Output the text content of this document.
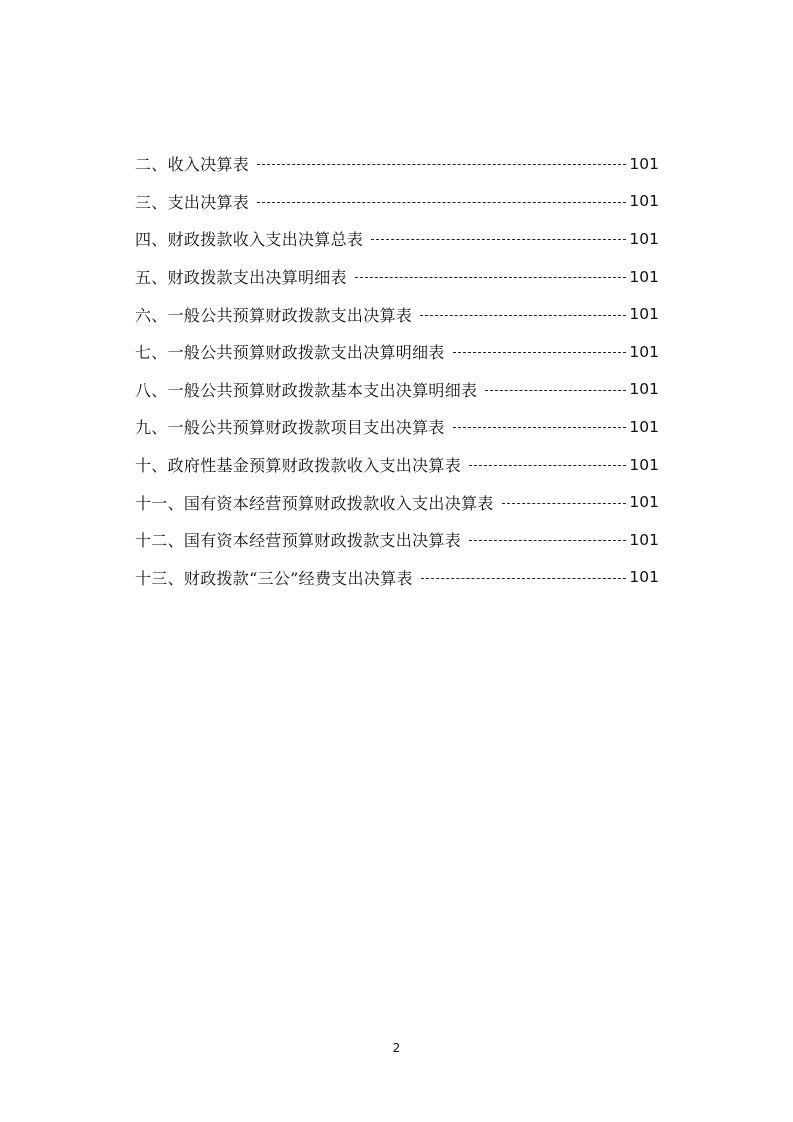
二、收入决算表	101
三、支出决算表	101
四、财政拨款收入支出决算总表	101
五、财政拨款支出决算明细表	101
六、一般公共预算财政拨款支出决算表	101
七、一般公共预算财政拨款支出决算明细表	101
八、一般公共预算财政拨款基本支出决算明细表	101
九、一般公共预算财政拨款项目支出决算表	101
十、政府性基金预算财政拨款收入支出决算表	101
十一、国有资本经营预算财政拨款收入支出决算表	101
十二、国有资本经营预算财政拨款支出决算表	101
十三、财政拨款“三公”经费支出决算表	101
2
